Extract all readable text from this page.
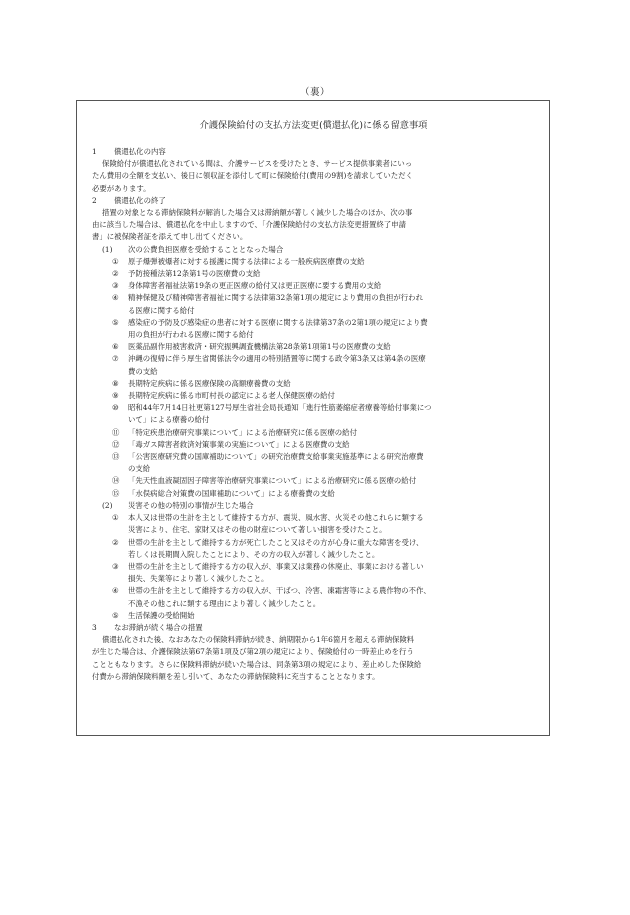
（裏）
介護保険給付の支払方法変更(償還払化)に係る留意事項
1 償還払化の内容
保険給付が償還払化されている間は、介護サービスを受けたとき、サービス提供事業者にいっ
たん費用の全額を支払い、後日に領収証を添付して町に保険給付(費用の9割)を請求していただく
必要があります。
2 償還払化の終了
措置の対象となる滞納保険料が解消した場合又は滞納額が著しく減少した場合のほか、次の事
由に該当した場合は、償還払化を中止しますので、「介護保険給付の支払方法変更措置終了申請
書」に被保険者証を添えて申し出てください。
(1) 次の公費負担医療を受給することとなった場合
① 原子爆弾被爆者に対する援護に関する法律による一般疾病医療費の支給
② 予防接種法第12条第1号の医療費の支給
③ 身体障害者福祉法第19条の更正医療の給付又は更正医療に要する費用の支給
④ 精神保健及び精神障害者福祉に関する法律第32条第1項の規定により費用の負担が行われ
る医療に関する給付
⑤ 感染症の予防及び感染症の患者に対する医療に関する法律第37条の2第1項の規定により費
用の負担が行われる医療に関する給付
⑥ 医薬品副作用被害救済・研究振興調査機構法第28条第1項第1号の医療費の支給
⑦ 沖縄の復帰に伴う厚生省関係法令の適用の特別措置等に関する政令第3条又は第4条の医療
費の支給
⑧ 長期特定疾病に係る医療保険の高額療養費の支給
⑨ 長期特定疾病に係る市町村長の認定による老人保健医療の給付
⑩ 昭和44年7月14日社更第127号厚生省社会局長通知「進行性筋萎縮症者療養等給付事業につ
いて」による療養の給付
⑪ 「特定疾患治療研究事業について」による治療研究に係る医療の給付
⑫ 「毒ガス障害者救済対策事業の実施について」による医療費の支給
⑬ 「公害医療研究費の国庫補助について」の研究治療費支給事業実施基準による研究治療費
の支給
⑭ 「先天性血液凝固因子障害等治療研究事業について」による治療研究に係る医療の給付
⑮ 「水俣病総合対策費の国庫補助について」による療養費の支給
(2) 災害その他の特別の事情が生じた場合
① 本人又は世帯の生計を主として維持する方が、震災、風水害、火災その他これらに類する
災害により、住宅、家財又はその他の財産について著しい損害を受けたこと。
② 世帯の生計を主として維持する方が死亡したこと又はその方が心身に重大な障害を受け、
若しくは長期間入院したことにより、その方の収入が著しく減少したこと。
③ 世帯の生計を主として維持する方の収入が、事業又は業務の休廃止、事業における著しい
損失、失業等により著しく減少したこと。
④ 世帯の生計を主として維持する方の収入が、干ばつ、冷害、凍霜害等による農作物の不作、
不漁その他これに類する理由により著しく減少したこと。
⑤ 生活保護の受給開始
3 なお滞納が続く場合の措置
償還払化された後、なおあなたの保険料滞納が続き、納期限から1年6箇月を超える滞納保険料
が生じた場合は、介護保険法第67条第1項及び第2項の規定により、保険給付の一時差止めを行う
ことともなります。さらに保険料滞納が続いた場合は、同条第3項の規定により、差止めした保険給
付費から滞納保険料額を差し引いて、あなたの滞納保険料に充当することとなります。
